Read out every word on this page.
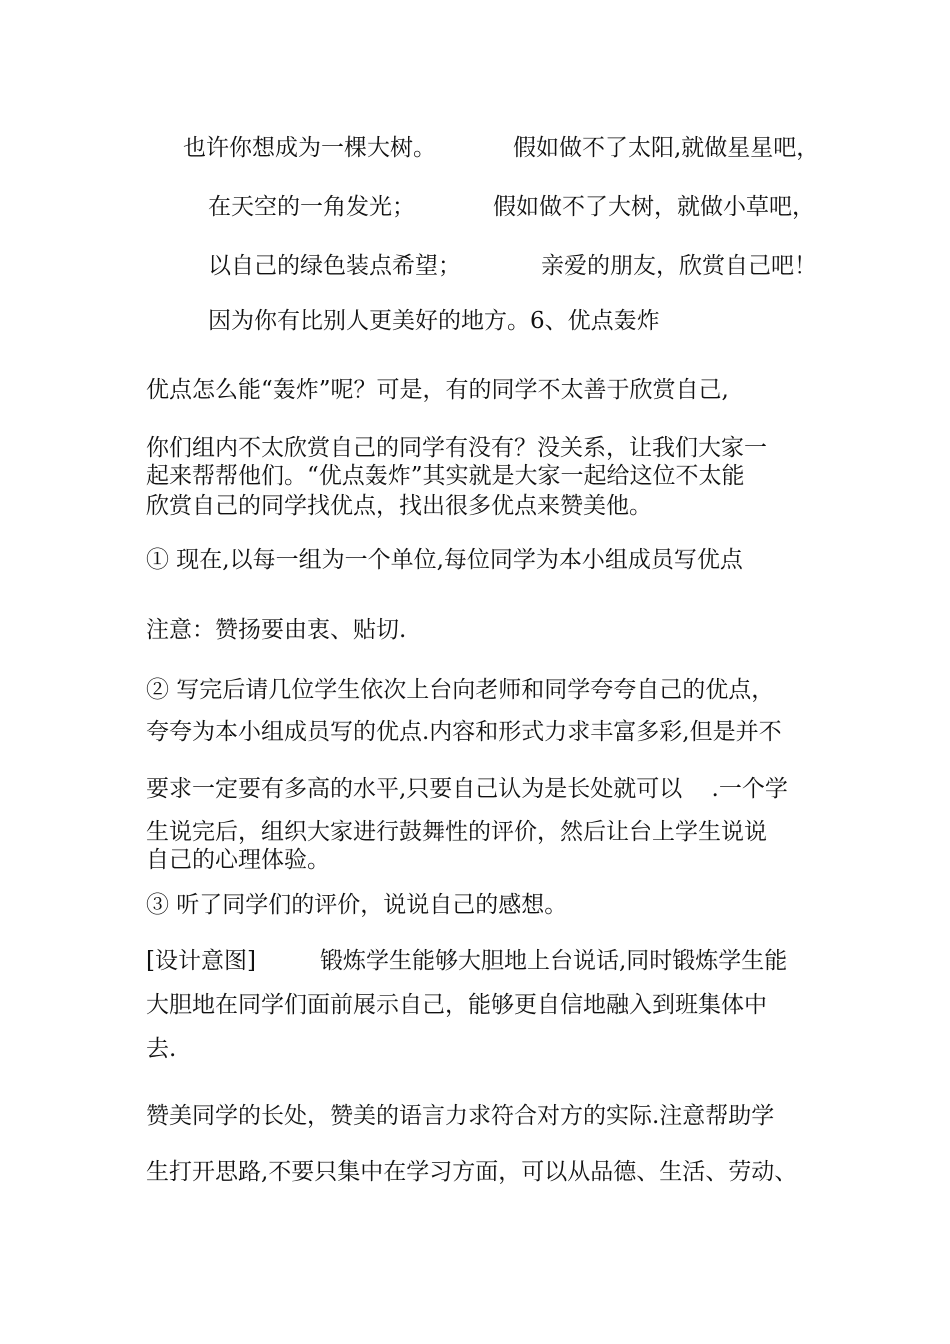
也许你想成为一棵大树。	假如做不了太阳,就做星星吧，
在天空的一角发光；	假如做不了大树，就做小草吧，
以自己的绿色装点希望；	亲爱的朋友，欣赏自己吧！
因为你有比别人更美好的地方。6、优点轰炸
优点怎么能“轰炸”呢？可是，有的同学不太善于欣赏自己,
你们组内不太欣赏自己的同学有没有？没关系，让我们大家一
起来帮帮他们。“优点轰炸”其实就是大家一起给这位不太能
欣赏自己的同学找优点，找出很多优点来赞美他。
① 现在,以每一组为一个单位,每位同学为本小组成员写优点
注意：赞扬要由衷、贴切.
② 写完后请几位学生依次上台向老师和同学夸夸自己的优点，
夸夸为本小组成员写的优点.内容和形式力求丰富多彩,但是并不
要求一定要有多高的水平,只要自己认为是长处就可以    .一个学
生说完后，组织大家进行鼓舞性的评价，然后让台上学生说说
自己的心理体验。
③ 听了同学们的评价，说说自己的感想。
[设计意图]	锻炼学生能够大胆地上台说话,同时锻炼学生能
大胆地在同学们面前展示自己，能够更自信地融入到班集体中
去.
赞美同学的长处，赞美的语言力求符合对方的实际.注意帮助学
生打开思路,不要只集中在学习方面，可以从品德、生活、劳动、
